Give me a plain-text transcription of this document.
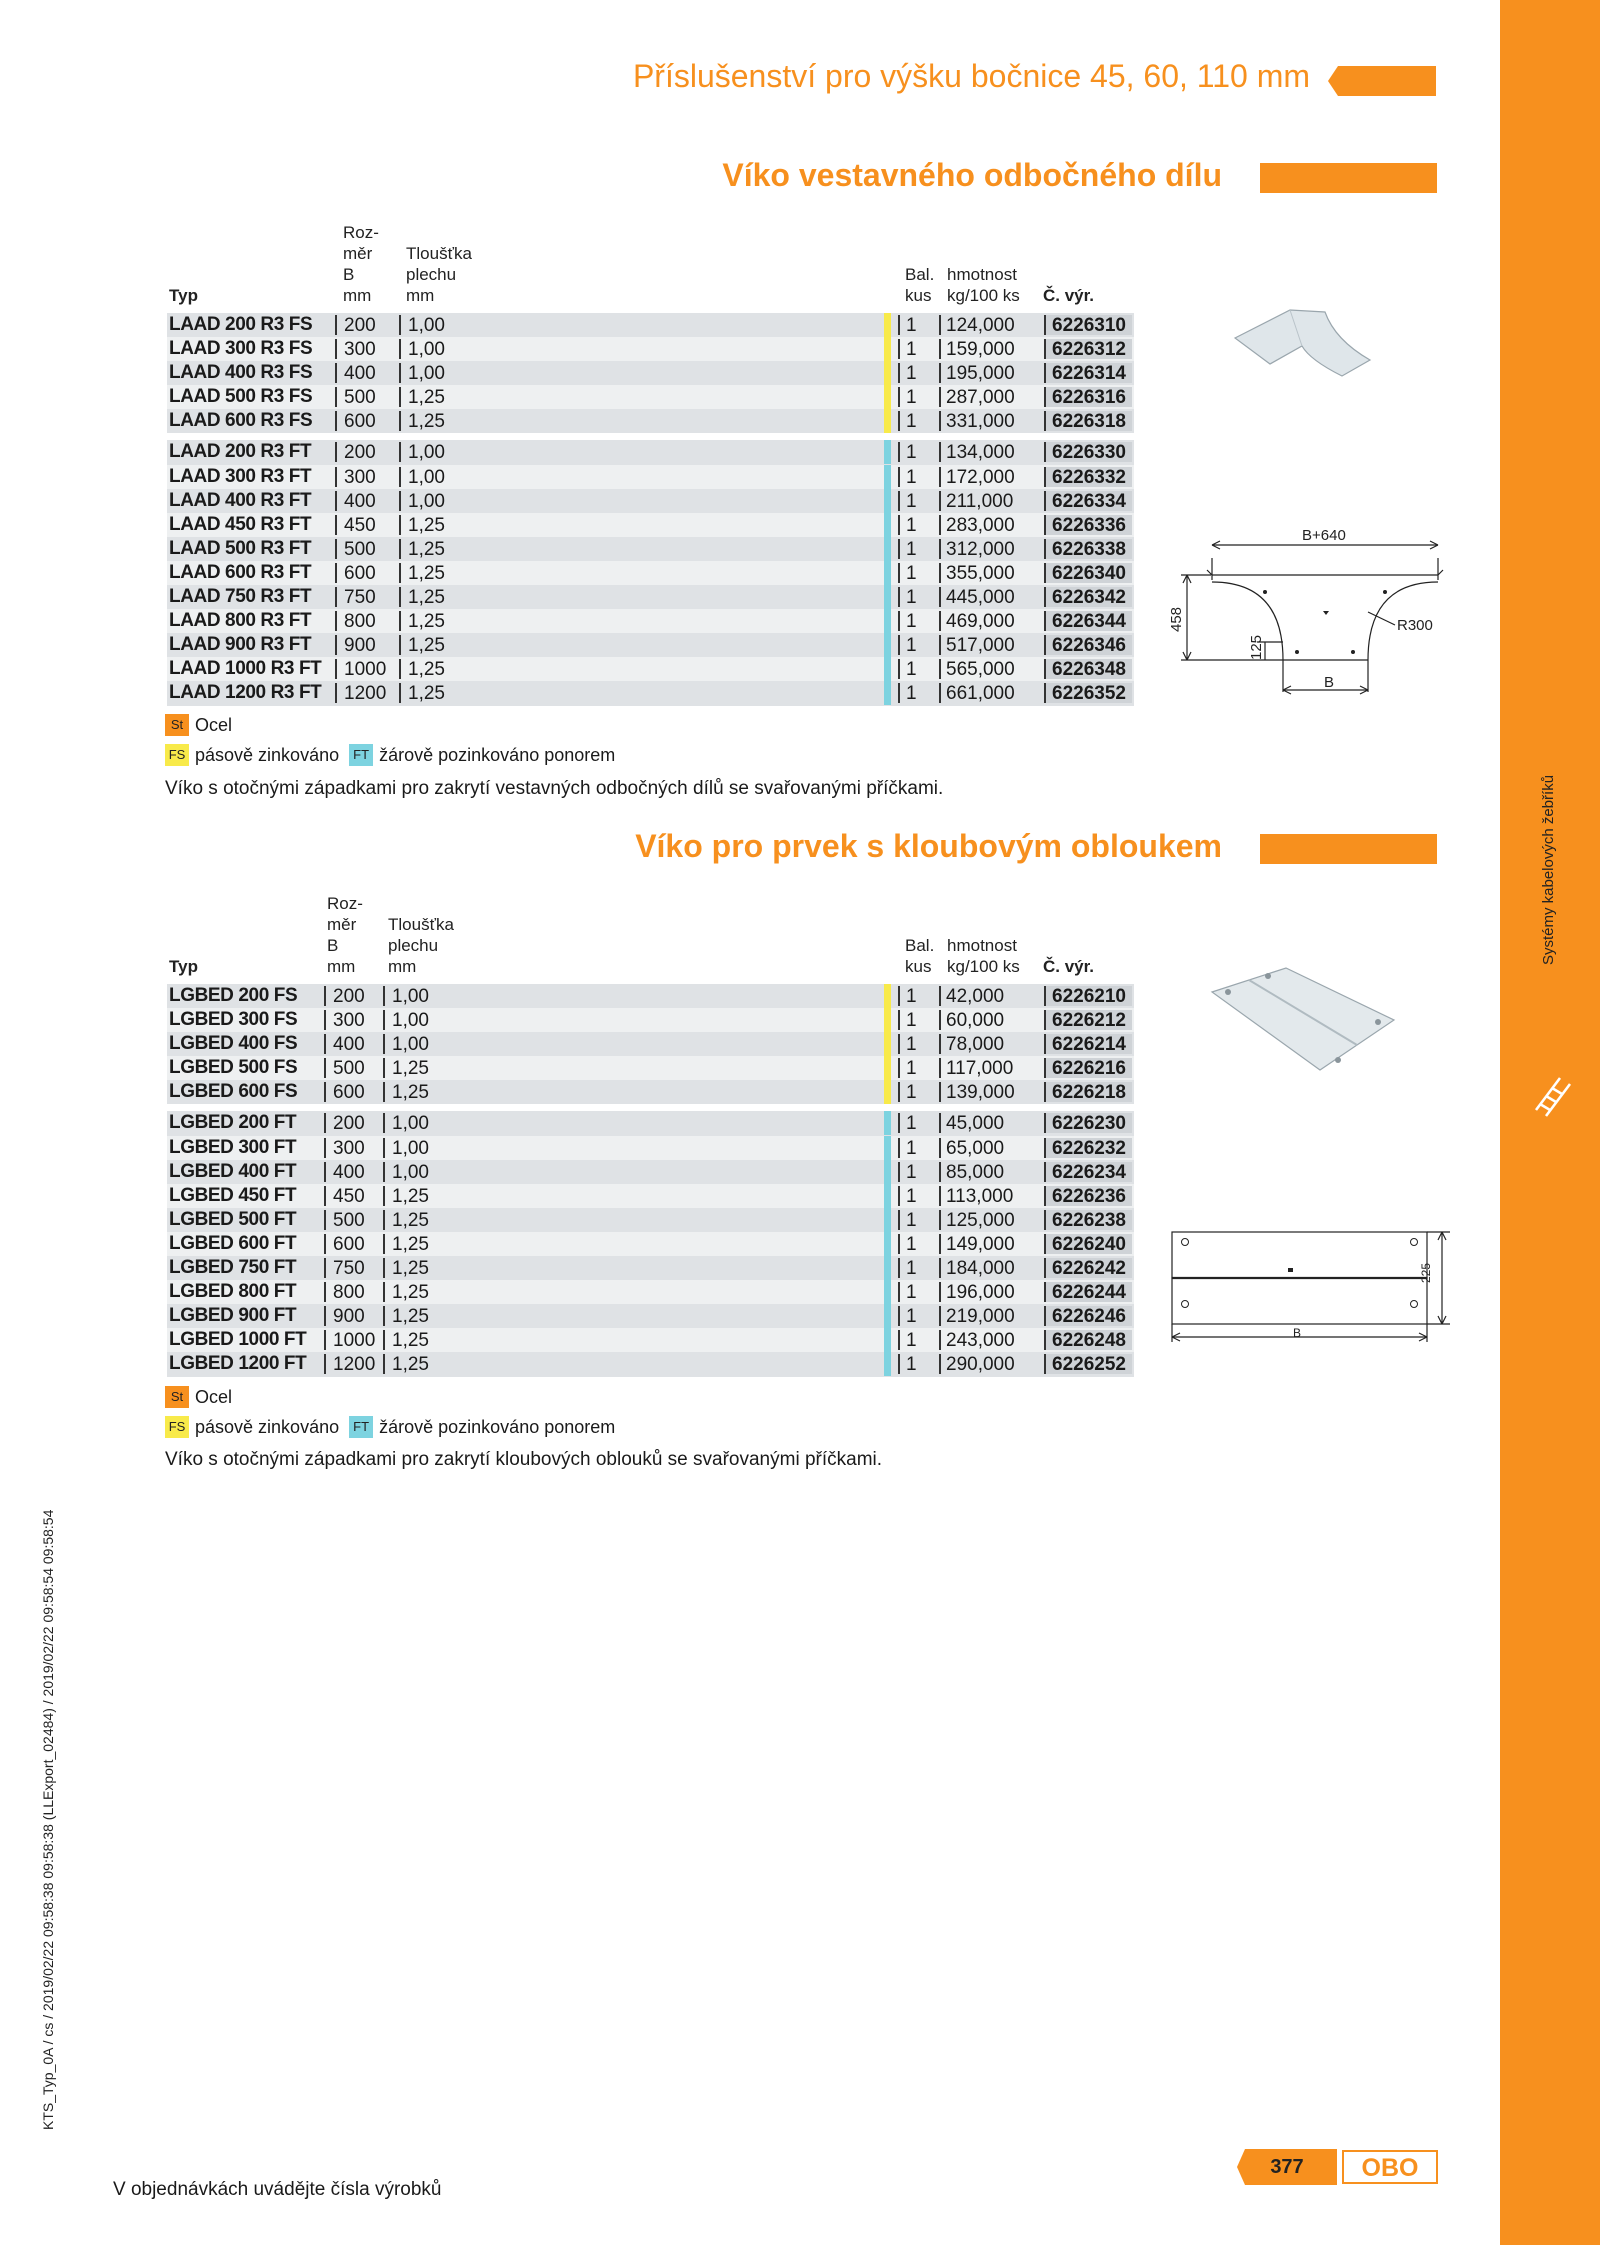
Systémy kabelových žebříků
Příslušenství pro výšku bočnice 45, 60, 110 mm
Víko vestavného odbočného dílu
Roz-
měr
B
Tloušťka
plechu	Bal. hmotnost
Typ	mm mm	kus kg/100 ks Č. výr.
LAAD 200 R3 FS	200	1,00	1	124,000	6226310
LAAD 300 R3 FS	300	1,00	1	159,000	6226312
LAAD 400 R3 FS	400	1,00	1	195,000	6226314
LAAD 500 R3 FS	500	1,25	1	287,000	6226316
LAAD 600 R3 FS	600	1,25	1	331,000	6226318
LAAD 200 R3 FT	200	1,00	1	134,000	6226330
LAAD 300 R3 FT	300	1,00	1	172,000	6226332
LAAD 400 R3 FT	400	1,00	1	211,000	6226334
LAAD 450 R3 FT	450	1,25	1	283,000	6226336
LAAD 500 R3 FT	500	1,25	1	312,000	6226338
LAAD 600 R3 FT	600	1,25	1	355,000	6226340
LAAD 750 R3 FT	750	1,25	1	445,000	6226342
LAAD 800 R3 FT	800	1,25	1	469,000	6226344
LAAD 900 R3 FT	900	1,25	1	517,000	6226346
LAAD 1000 R3 FT	1000	1,25	1	565,000	6226348
LAAD 1200 R3 FT	1200	1,25	1	661,000	6226352
St Ocel
FS pásově zinkováno FT žárově pozinkováno ponorem
Víko s otočnými západkami pro zakrytí vestavných odbočných dílů se svařovanými příčkami.
B+640
R300
B
458
125
Víko pro prvek s kloubovým obloukem
Roz-
měr
B
Tloušťka
plechu	Bal. hmotnost
Typ	mm mm	kus kg/100 ks Č. výr.
LGBED 200 FS	200	1,00	1	42,000	6226210
LGBED 300 FS	300	1,00	1	60,000	6226212
LGBED 400 FS	400	1,00	1	78,000	6226214
LGBED 500 FS	500	1,25	1	117,000	6226216
LGBED 600 FS	600	1,25	1	139,000	6226218
LGBED 200 FT	200	1,00	1	45,000	6226230
LGBED 300 FT	300	1,00	1	65,000	6226232
LGBED 400 FT	400	1,00	1	85,000	6226234
LGBED 450 FT	450	1,25	1	113,000	6226236
LGBED 500 FT	500	1,25	1	125,000	6226238
LGBED 600 FT	600	1,25	1	149,000	6226240
LGBED 750 FT	750	1,25	1	184,000	6226242
LGBED 800 FT	800	1,25	1	196,000	6226244
LGBED 900 FT	900	1,25	1	219,000	6226246
LGBED 1000 FT	1000 1,25	1	243,000	6226248
LGBED 1200 FT	1200 1,25	1	290,000	6226252
St Ocel
FS pásově zinkováno FT žárově pozinkováno ponorem
Víko s otočnými západkami pro zakrytí kloubových oblouků se svařovanými příčkami.
B
225
V objednávkách uvádějte čísla výrobků
377	OBO
KTS_Typ_0A / cs / 2019/02/22 09:58:38 09:58:38 (LLExport_02484) / 2019/02/22 09:58:54 09:58:54
